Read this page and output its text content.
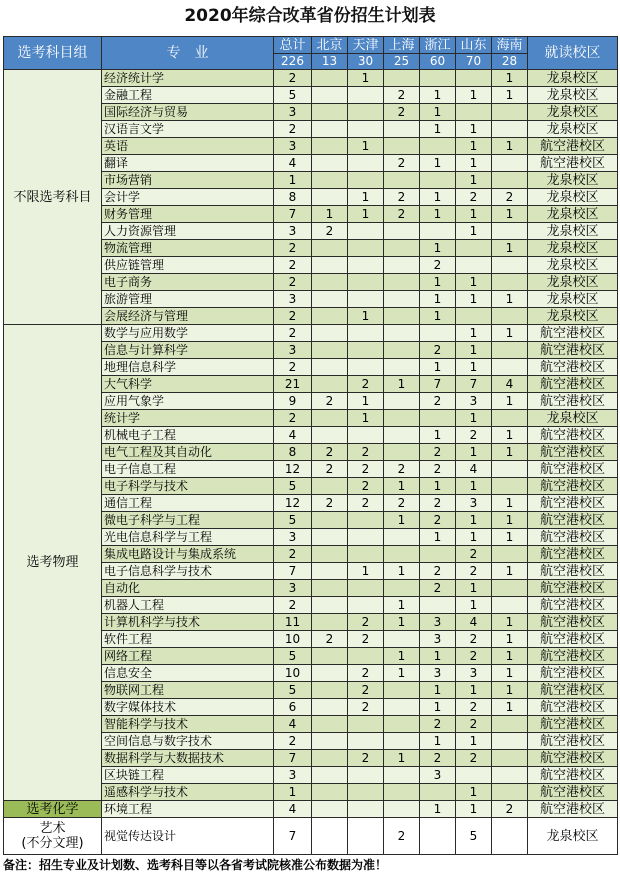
2020年综合改革省份招生计划表
选考科目组	专　业	总计	北京	天津	上海	浙江	山东	海南	就读校区
		226	13	30	25	60	70	28	
不限选考科目	经济统计学	2		1				1	龙泉校区
	金融工程	5			2	1	1	1	龙泉校区
	国际经济与贸易	3			2	1			龙泉校区
	汉语言文学	2				1	1		龙泉校区
	英语	3		1			1	1	航空港校区
	翻译	4			2	1	1		航空港校区
	市场营销	1					1		龙泉校区
	会计学	8		1	2	1	2	2	龙泉校区
	财务管理	7	1	1	2	1	1	1	龙泉校区
	人力资源管理	3	2				1		龙泉校区
	物流管理	2				1		1	龙泉校区
	供应链管理	2				2			龙泉校区
	电子商务	2				1	1		龙泉校区
	旅游管理	3				1	1	1	龙泉校区
	会展经济与管理	2		1		1			龙泉校区
选考物理	数学与应用数学	2					1	1	航空港校区
	信息与计算科学	3				2	1		航空港校区
	地理信息科学	2				1	1		航空港校区
	大气科学	21		2	1	7	7	4	航空港校区
	应用气象学	9	2	1		2	3	1	航空港校区
	统计学	2		1			1		龙泉校区
	机械电子工程	4				1	2	1	航空港校区
	电气工程及其自动化	8	2	2		2	1	1	航空港校区
	电子信息工程	12	2	2	2	2	4		航空港校区
	电子科学与技术	5		2	1	1	1		航空港校区
	通信工程	12	2	2	2	2	3	1	航空港校区
	微电子科学与工程	5			1	2	1	1	航空港校区
	光电信息科学与工程	3				1	1	1	航空港校区
	集成电路设计与集成系统	2					2		航空港校区
	电子信息科学与技术	7		1	1	2	2	1	航空港校区
	自动化	3				2	1		航空港校区
	机器人工程	2			1		1		航空港校区
	计算机科学与技术	11		2	1	3	4	1	航空港校区
	软件工程	10	2	2		3	2	1	航空港校区
	网络工程	5			1	1	2	1	航空港校区
	信息安全	10		2	1	3	3	1	航空港校区
	物联网工程	5		2		1	1	1	航空港校区
	数字媒体技术	6		2		1	2	1	航空港校区
	智能科学与技术	4				2	2		航空港校区
	空间信息与数字技术	2				1	1		航空港校区
	数据科学与大数据技术	7		2	1	2	2		航空港校区
	区块链工程	3				3			航空港校区
	遥感科学与技术	1					1		航空港校区
选考化学	环境工程	4				1	1	2	航空港校区
艺术
(不分文理)	视觉传达设计	7			2		5		龙泉校区
备注：招生专业及计划数、选考科目等以各省考试院核准公布数据为准！
